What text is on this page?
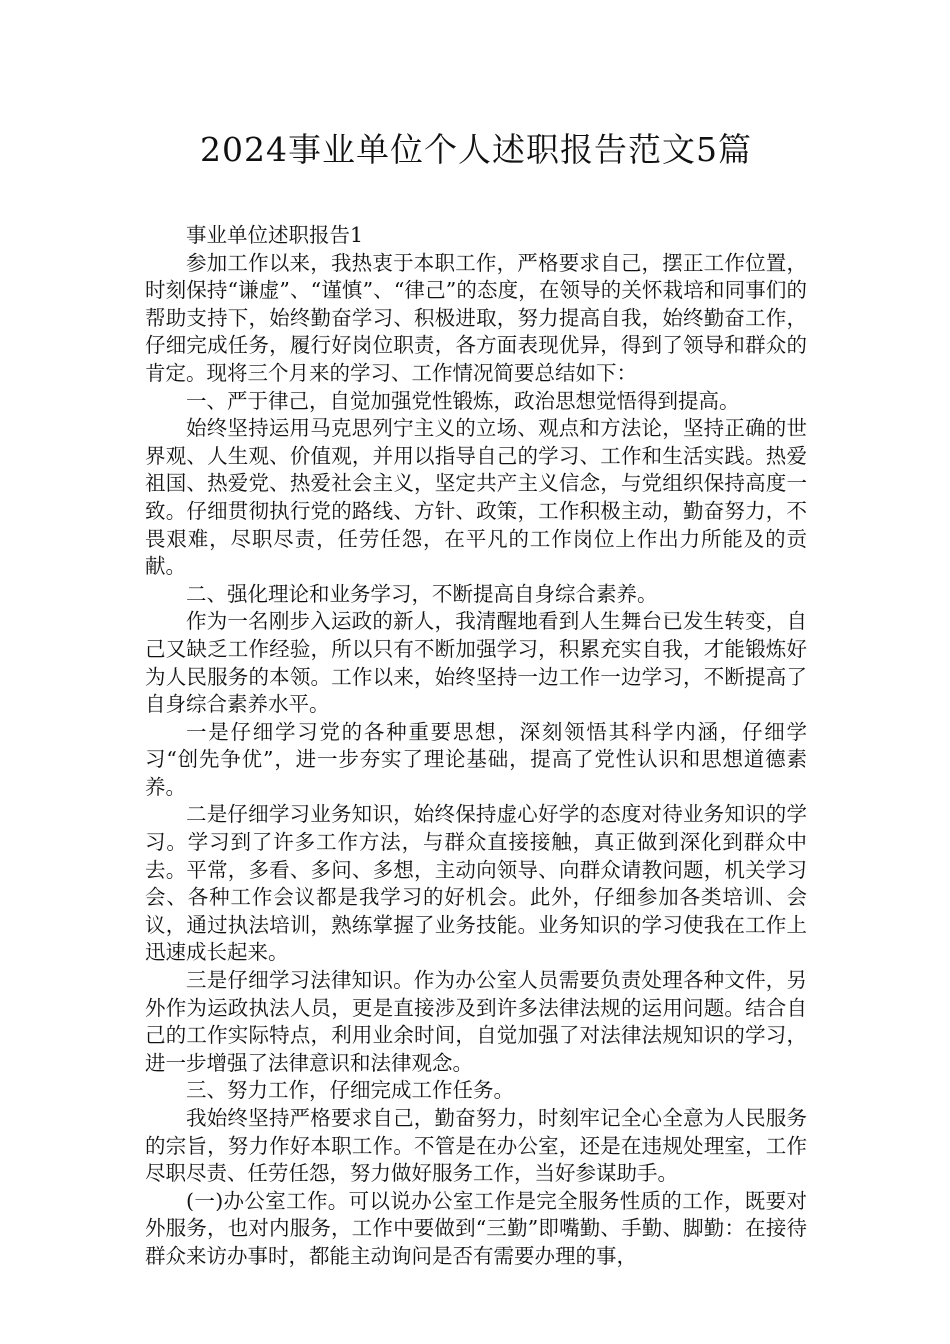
2024事业单位个人述职报告范文5篇

事业单位述职报告1

参加工作以来，我热衷于本职工作，严格要求自己，摆正工作位置，时刻保持“谦虚”、“谨慎”、“律己”的态度，在领导的关怀栽培和同事们的帮助支持下，始终勤奋学习、积极进取，努力提高自我，始终勤奋工作，仔细完成任务，履行好岗位职责，各方面表现优异，得到了领导和群众的肯定。现将三个月来的学习、工作情况简要总结如下：

一、严于律己，自觉加强党性锻炼，政治思想觉悟得到提高。

始终坚持运用马克思列宁主义的立场、观点和方法论，坚持正确的世界观、人生观、价值观，并用以指导自己的学习、工作和生活实践。热爱祖国、热爱党、热爱社会主义，坚定共产主义信念，与党组织保持高度一致。仔细贯彻执行党的路线、方针、政策，工作积极主动，勤奋努力，不畏艰难，尽职尽责，任劳任怨，在平凡的工作岗位上作出力所能及的贡献。

二、强化理论和业务学习，不断提高自身综合素养。

作为一名刚步入运政的新人，我清醒地看到人生舞台已发生转变，自己又缺乏工作经验，所以只有不断加强学习，积累充实自我，才能锻炼好为人民服务的本领。工作以来，始终坚持一边工作一边学习，不断提高了自身综合素养水平。

一是仔细学习党的各种重要思想，深刻领悟其科学内涵，仔细学习“创先争优”，进一步夯实了理论基础，提高了党性认识和思想道德素养。

二是仔细学习业务知识，始终保持虚心好学的态度对待业务知识的学习。学习到了许多工作方法，与群众直接接触，真正做到深化到群众中去。平常，多看、多问、多想，主动向领导、向群众请教问题，机关学习会、各种工作会议都是我学习的好机会。此外，仔细参加各类培训、会议，通过执法培训，熟练掌握了业务技能。业务知识的学习使我在工作上迅速成长起来。

三是仔细学习法律知识。作为办公室人员需要负责处理各种文件，另外作为运政执法人员，更是直接涉及到许多法律法规的运用问题。结合自己的工作实际特点，利用业余时间，自觉加强了对法律法规知识的学习，进一步增强了法律意识和法律观念。

三、努力工作，仔细完成工作任务。

我始终坚持严格要求自己，勤奋努力，时刻牢记全心全意为人民服务的宗旨，努力作好本职工作。不管是在办公室，还是在违规处理室，工作尽职尽责、任劳任怨，努力做好服务工作，当好参谋助手。

(一)办公室工作。可以说办公室工作是完全服务性质的工作，既要对外服务，也对内服务，工作中要做到“三勤”即嘴勤、手勤、脚勤：在接待群众来访办事时，都能主动询问是否有需要办理的事，
